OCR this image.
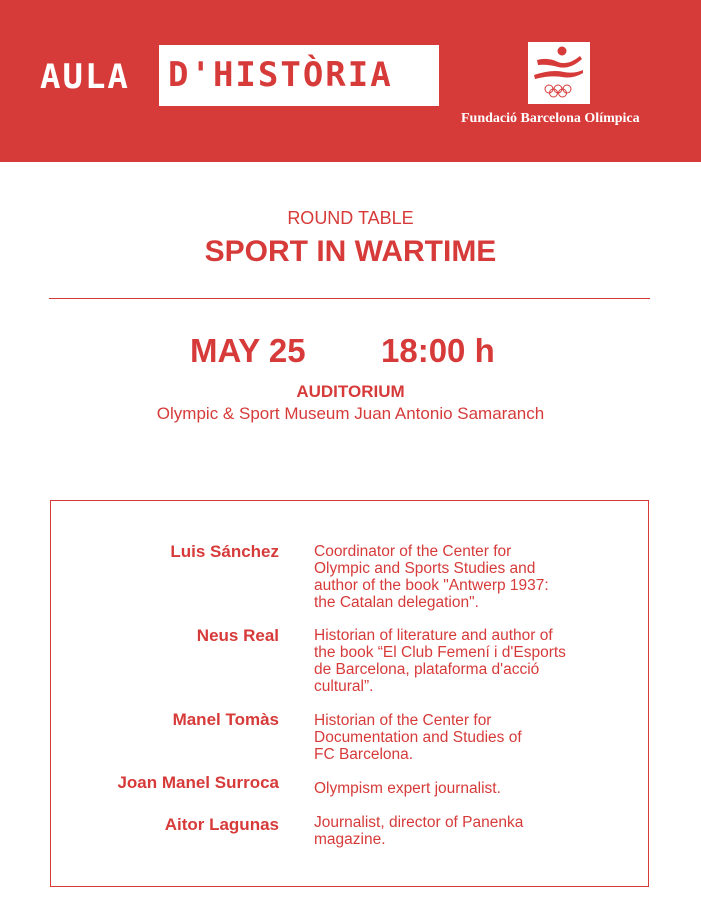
AULA D'HISTÒRIA
Fundació Barcelona Olímpica
ROUND TABLE
SPORT IN WARTIME
MAY 25 18:00 h
AUDITORIUM
Olympic & Sport Museum Juan Antonio Samaranch
Luis Sánchez Coordinator of the Center for
Olympic and Sports Studies and
author of the book "Antwerp 1937:
the Catalan delegation".
Neus Real Historian of literature and author of
the book “El Club Femení i d'Esports
de Barcelona, plataforma d'acció
cultural”.
Manel Tomàs Historian of the Center for
Documentation and Studies of
FC Barcelona.
Joan Manel Surroca Olympism expert journalist.
Aitor Lagunas Journalist, director of Panenka
magazine.
